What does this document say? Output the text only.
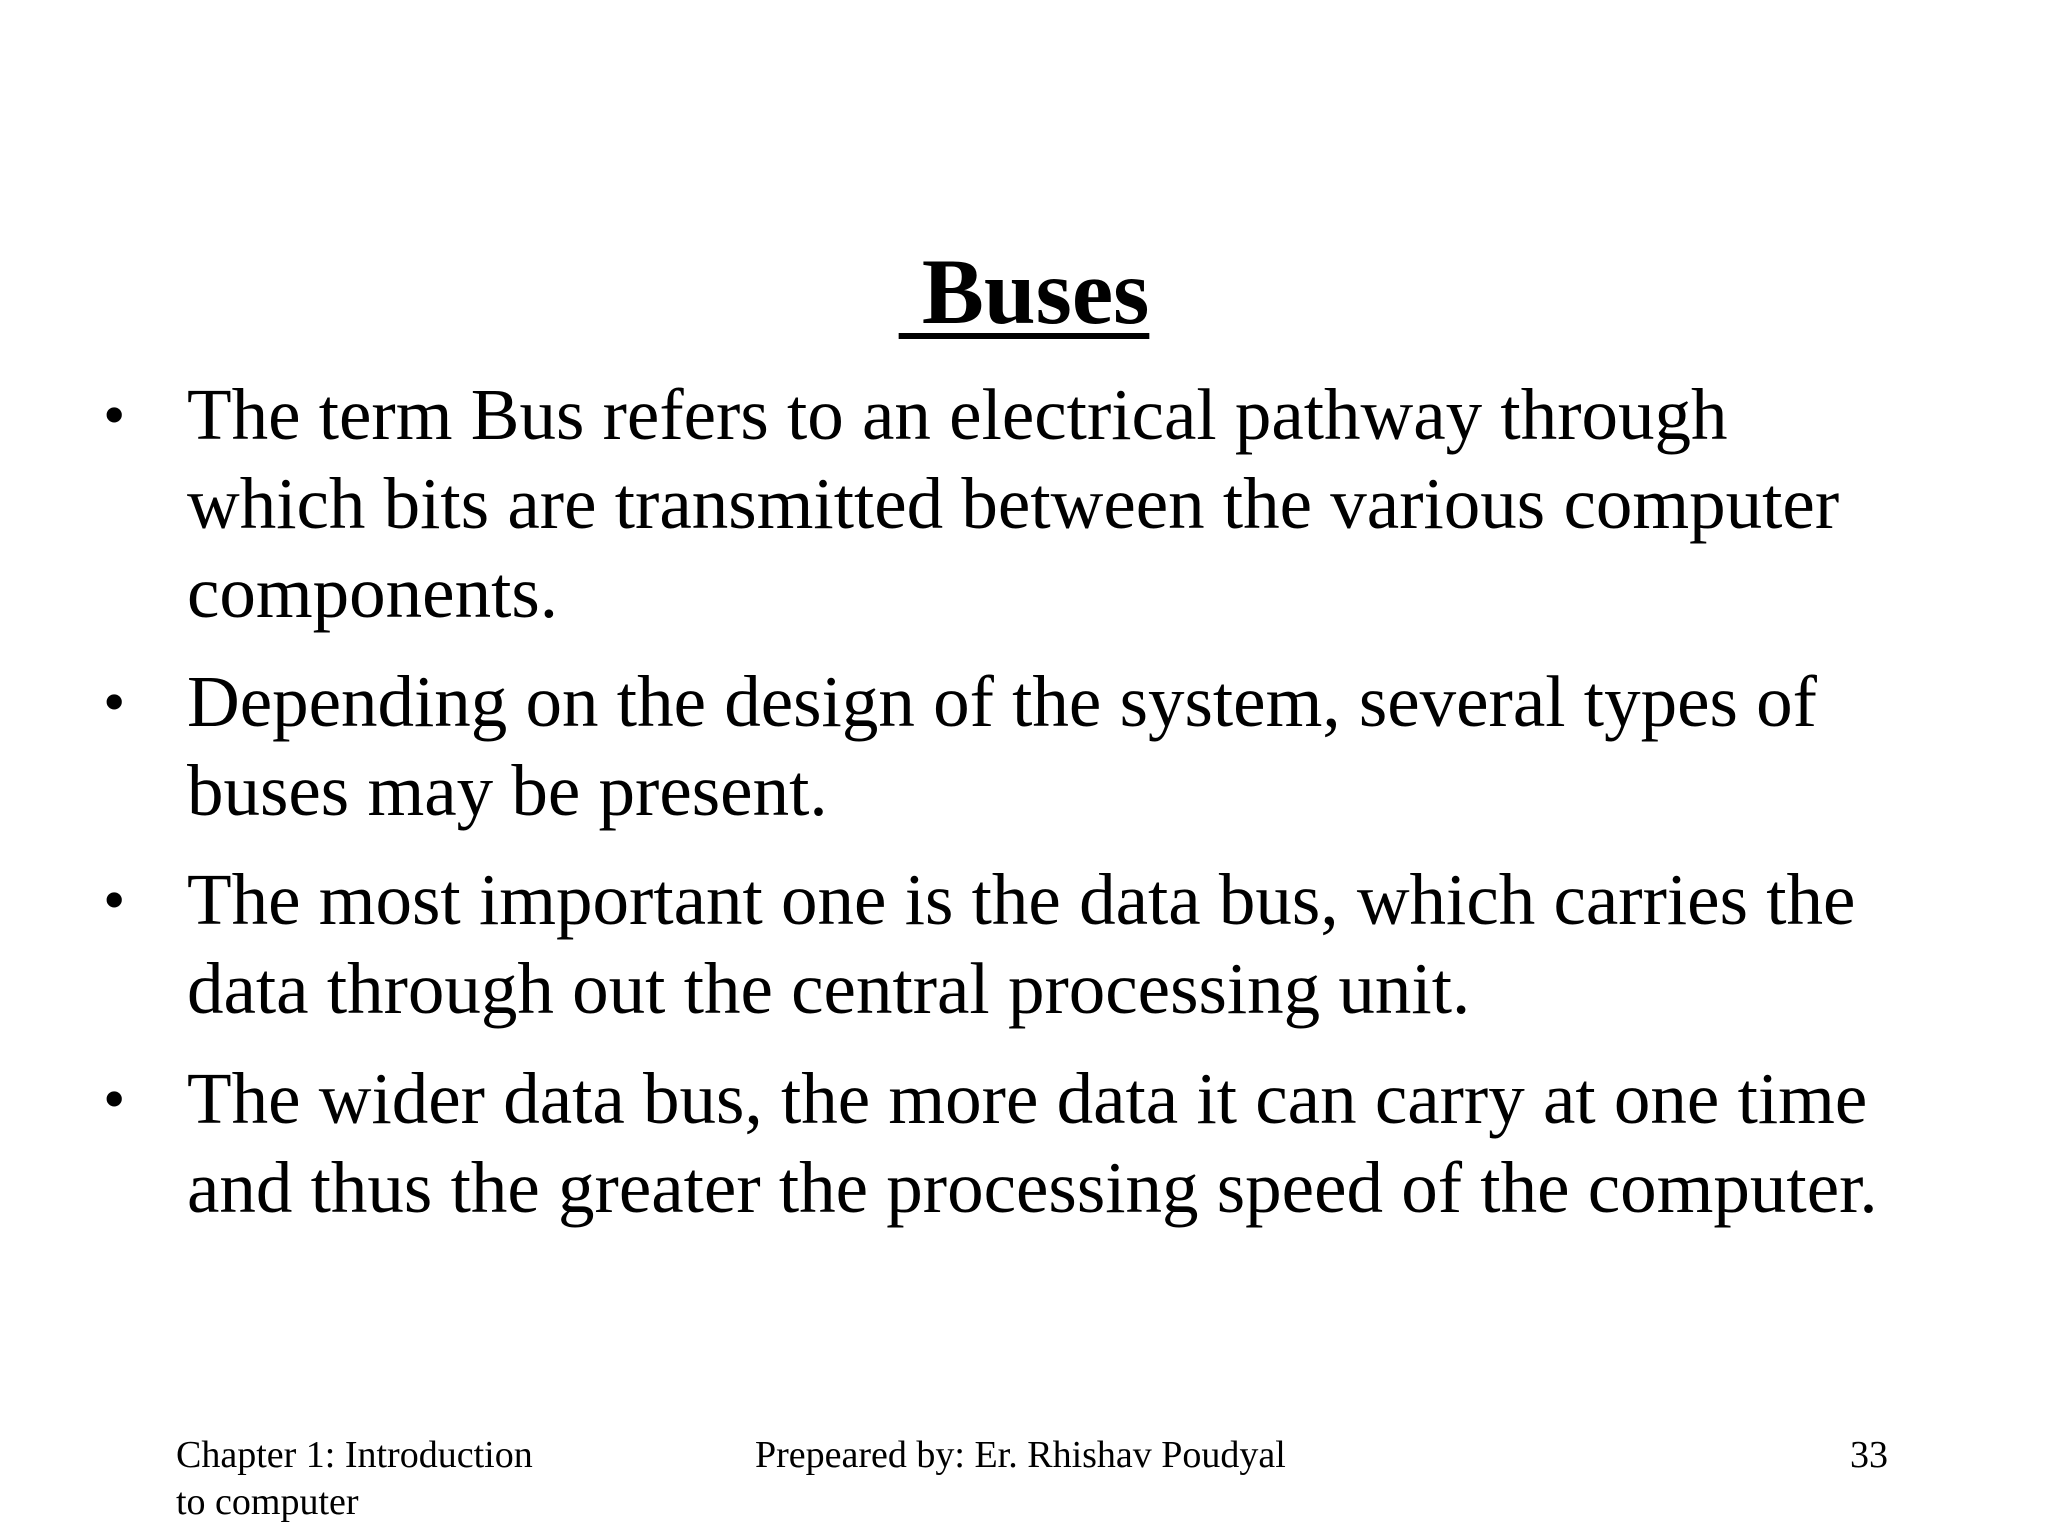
Buses
• The term Bus refers to an electrical pathway through
which bits are transmitted between the various computer
components.
• Depending on the design of the system, several types of
buses may be present.
• The most important one is the data bus, which carries the
data through out the central processing unit.
• The wider data bus, the more data it can carry at one time
and thus the greater the processing speed of the computer.
Chapter 1: Introduction
to computer
Prepeared by: Er. Rhishav Poudyal	33
